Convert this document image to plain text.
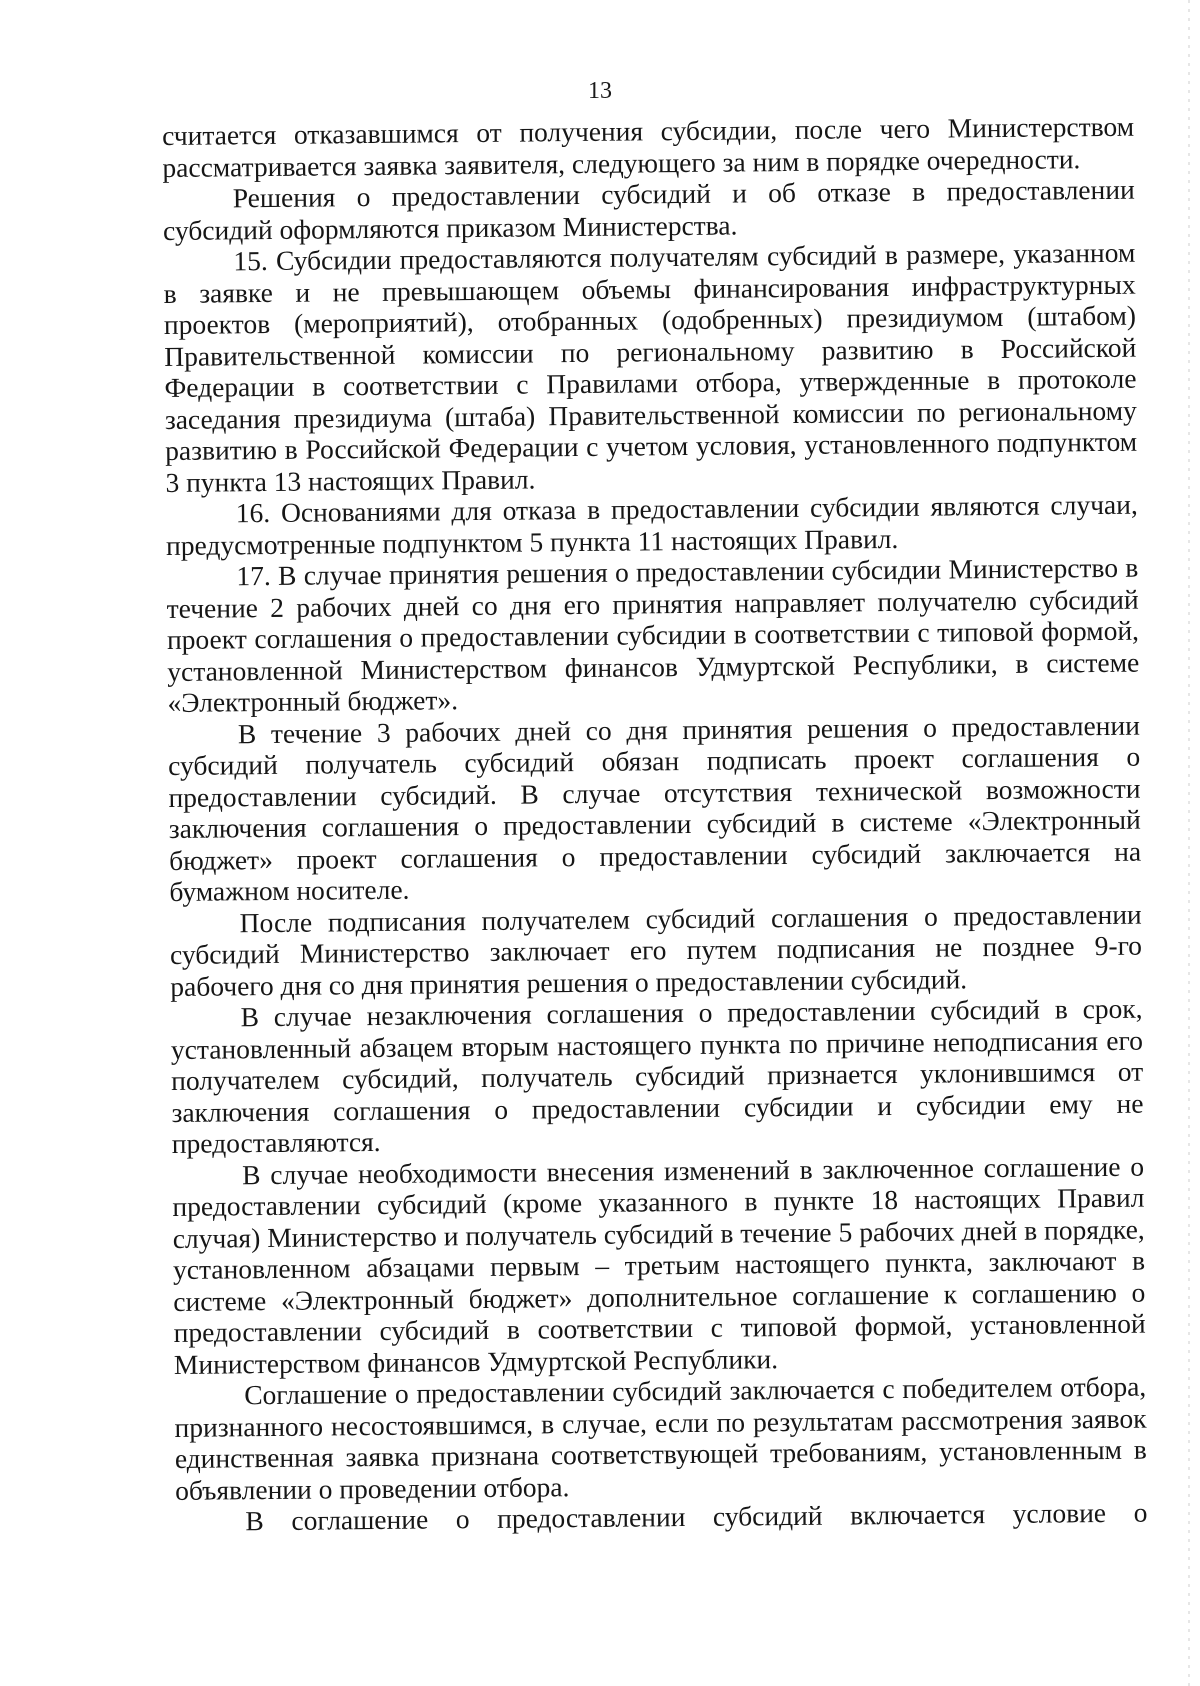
13

считается отказавшимся от получения субсидии, после чего Министерством рассматривается заявка заявителя, следующего за ним в порядке очередности.

Решения о предоставлении субсидий и об отказе в предоставлении субсидий оформляются приказом Министерства.

15. Субсидии предоставляются получателям субсидий в размере, указанном в заявке и не превышающем объемы финансирования инфраструктурных проектов (мероприятий), отобранных (одобренных) президиумом (штабом) Правительственной комиссии по региональному развитию в Российской Федерации в соответствии с Правилами отбора, утвержденные в протоколе заседания президиума (штаба) Правительственной комиссии по региональному развитию в Российской Федерации с учетом условия, установленного подпунктом 3 пункта 13 настоящих Правил.

16. Основаниями для отказа в предоставлении субсидии являются случаи, предусмотренные подпунктом 5 пункта 11 настоящих Правил.

17. В случае принятия решения о предоставлении субсидии Министерство в течение 2 рабочих дней со дня его принятия направляет получателю субсидий проект соглашения о предоставлении субсидии в соответствии с типовой формой, установленной Министерством финансов Удмуртской Республики, в системе «Электронный бюджет».

В течение 3 рабочих дней со дня принятия решения о предоставлении субсидий получатель субсидий обязан подписать проект соглашения о предоставлении субсидий. В случае отсутствия технической возможности заключения соглашения о предоставлении субсидий в системе «Электронный бюджет» проект соглашения о предоставлении субсидий заключается на бумажном носителе.

После подписания получателем субсидий соглашения о предоставлении субсидий Министерство заключает его путем подписания не позднее 9-го рабочего дня со дня принятия решения о предоставлении субсидий.

В случае незаключения соглашения о предоставлении субсидий в срок, установленный абзацем вторым настоящего пункта по причине неподписания его получателем субсидий, получатель субсидий признается уклонившимся от заключения соглашения о предоставлении субсидии и субсидии ему не предоставляются.

В случае необходимости внесения изменений в заключенное соглашение о предоставлении субсидий (кроме указанного в пункте 18 настоящих Правил случая) Министерство и получатель субсидий в течение 5 рабочих дней в порядке, установленном абзацами первым – третьим настоящего пункта, заключают в системе «Электронный бюджет» дополнительное соглашение к соглашению о предоставлении субсидий в соответствии с типовой формой, установленной Министерством финансов Удмуртской Республики.

Соглашение о предоставлении субсидий заключается с победителем отбора, признанного несостоявшимся, в случае, если по результатам рассмотрения заявок единственная заявка признана соответствующей требованиям, установленным в объявлении о проведении отбора.

В соглашение о предоставлении субсидий включается условие о
